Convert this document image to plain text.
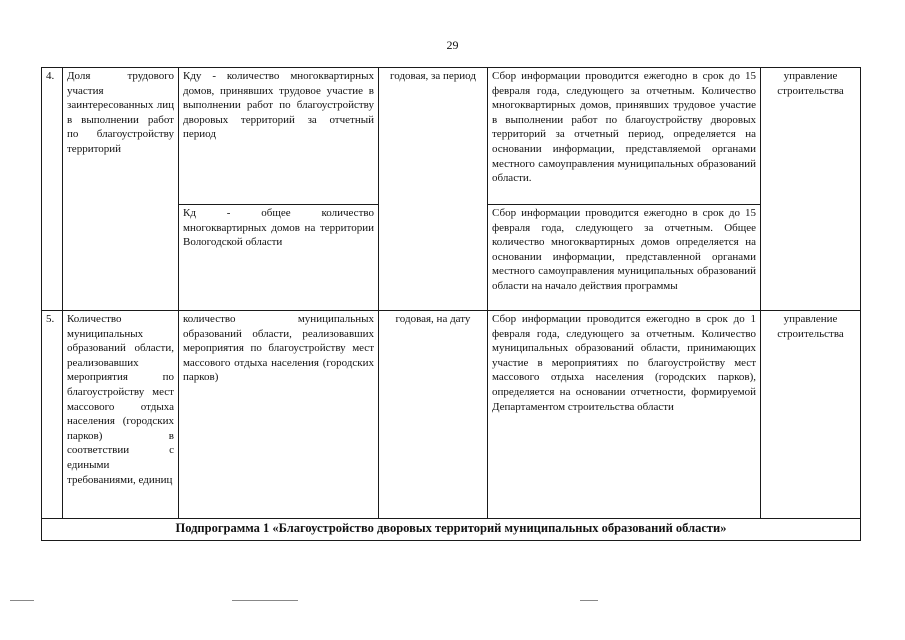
29
4.	Доля трудового участия заинтересованных лиц в выполнении работ по благоустройству территорий	Кду - количество многоквартирных домов, принявших трудовое участие в выполнении работ по благоустройству дворовых территорий за отчетный период	годовая, за период	Сбор информации проводится ежегодно в срок до 15 февраля года, следующего за отчетным. Количество многоквартирных домов, принявших трудовое участие в выполнении работ по благоустройству дворовых территорий за отчетный период, определяется на основании информации, представляемой органами местного самоуправления муниципальных образований области.	управление строительства
		Кд - общее количество многоквартирных домов на территории Вологодской области		Сбор информации проводится ежегодно в срок до 15 февраля года, следующего за отчетным. Общее количество многоквартирных домов определяется на основании информации, представленной органами местного самоуправления муниципальных образований области на начало действия программы	
5.	Количество муниципальных образований области, реализовавших мероприятия по благоустройству мест массового отдыха населения (городских парков) в соответствии с едиными требованиями, единиц	количество муниципальных образований области, реализовавших мероприятия по благоустройству мест массового отдыха населения (городских парков)	годовая, на дату	Сбор информации проводится ежегодно в срок до 1 февраля года, следующего за отчетным. Количество муниципальных образований области, принимающих участие в мероприятиях по благоустройству мест массового отдыха населения (городских парков), определяется на основании отчетности, формируемой Департаментом строительства области	управление строительства
Подпрограмма 1 «Благоустройство дворовых территорий муниципальных образований области»					
